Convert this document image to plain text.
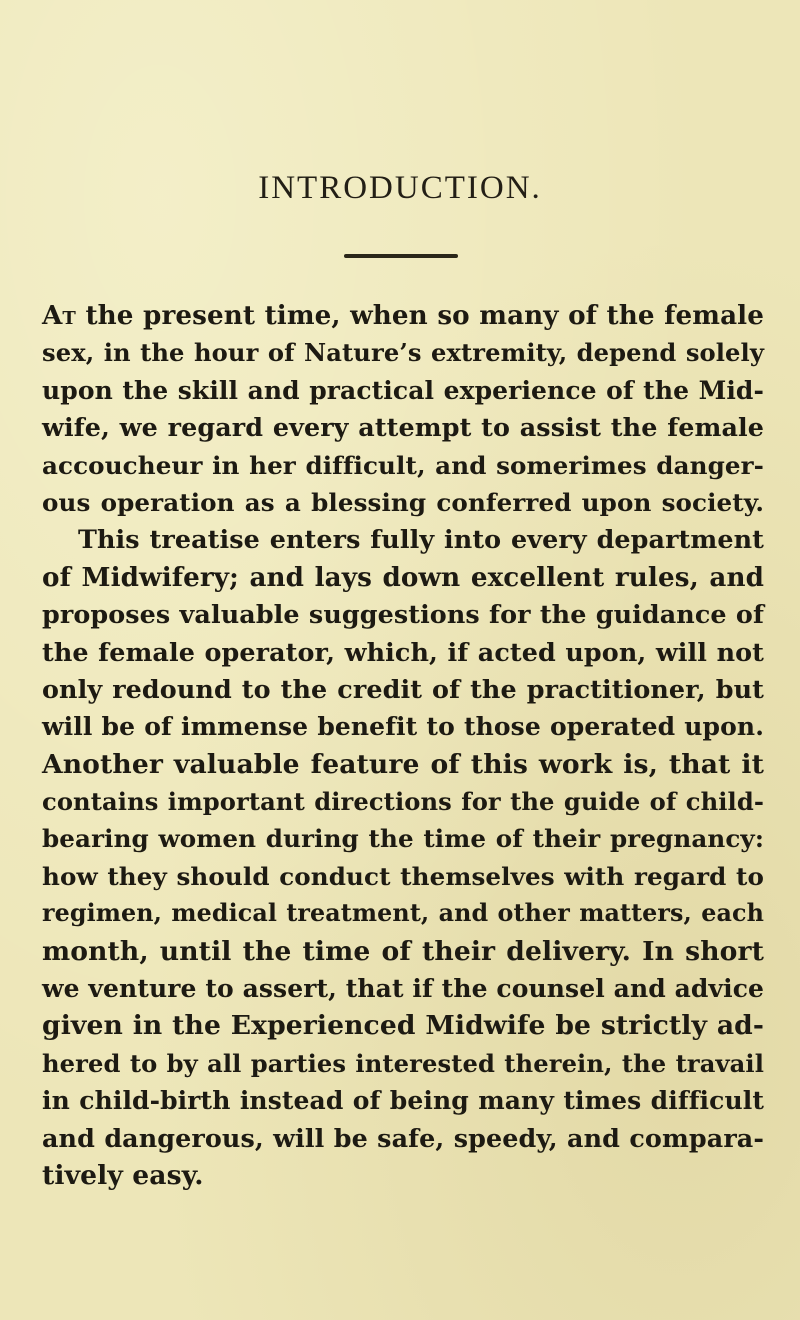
INTRODUCTION.
At the present time, when so many of the female
sex, in the hour of Nature’s extremity, depend solely
upon the skill and practical experience of the Mid-
wife, we regard every attempt to assist the female
accoucheur in her difficult, and somerimes danger-
ous operation as a blessing conferred upon society.
This treatise enters fully into every department
of Midwifery; and lays down excellent rules, and
proposes valuable suggestions for the guidance of
the female operator, which, if acted upon, will not
only redound to the credit of the practitioner, but
will be of immense benefit to those operated upon.
Another valuable feature of this work is, that it
contains important directions for the guide of child-
bearing women during the time of their pregnancy:
how they should conduct themselves with regard to
regimen, medical treatment, and other matters, each
month, until the time of their delivery. In short
we venture to assert, that if the counsel and advice
given in the Experienced Midwife be strictly ad-
hered to by all parties interested therein, the travail
in child-birth instead of being many times difficult
and dangerous, will be safe, speedy, and compara-
tively easy.
